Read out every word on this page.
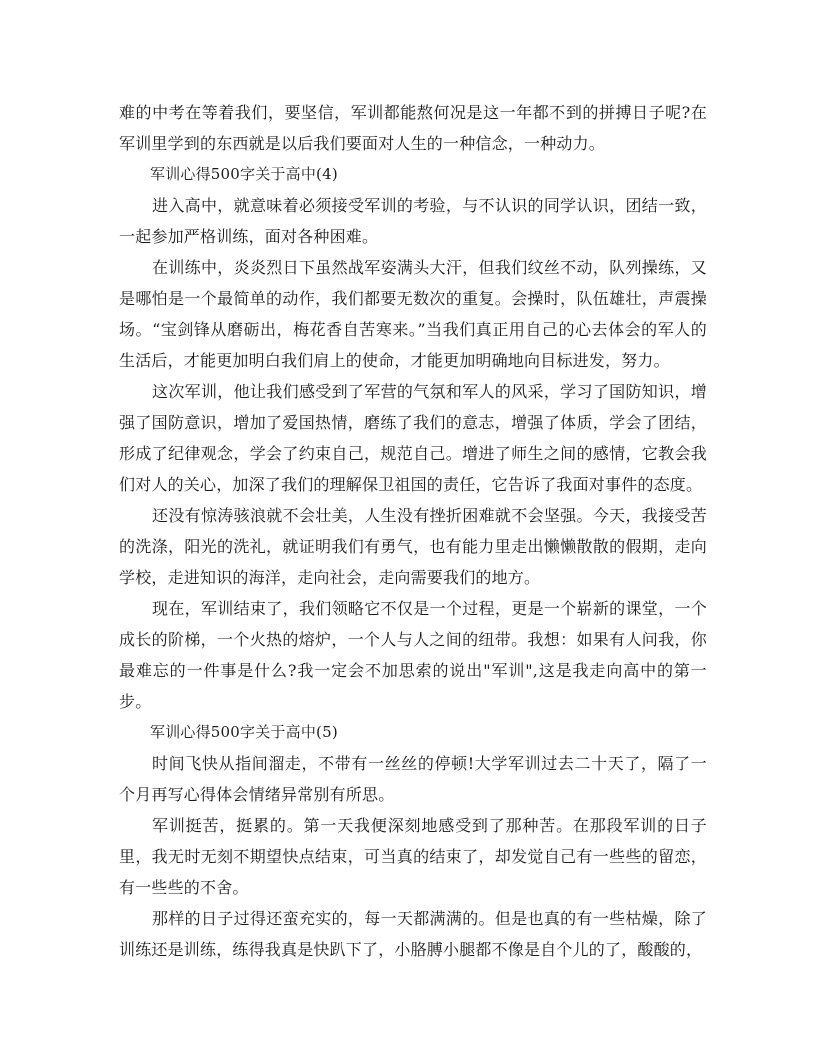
难的中考在等着我们，要坚信，军训都能熬何况是这一年都不到的拼搏日子呢?在军训里学到的东西就是以后我们要面对人生的一种信念，一种动力。

军训心得500字关于高中(4)

进入高中，就意味着必须接受军训的考验，与不认识的同学认识，团结一致，一起参加严格训练，面对各种困难。

在训练中，炎炎烈日下虽然战军姿满头大汗，但我们纹丝不动，队列操练，又是哪怕是一个最简单的动作，我们都要无数次的重复。会操时，队伍雄壮，声震操场。“宝剑锋从磨砺出，梅花香自苦寒来。”当我们真正用自己的心去体会的军人的生活后，才能更加明白我们肩上的使命，才能更加明确地向目标进发，努力。

这次军训，他让我们感受到了军营的气氛和军人的风采，学习了国防知识，增强了国防意识，增加了爱国热情，磨练了我们的意志，增强了体质，学会了团结，形成了纪律观念，学会了约束自己，规范自己。增进了师生之间的感情，它教会我们对人的关心，加深了我们的理解保卫祖国的责任，它告诉了我面对事件的态度。

还没有惊涛骇浪就不会壮美，人生没有挫折困难就不会坚强。今天，我接受苦的洗涤，阳光的洗礼，就证明我们有勇气，也有能力里走出懒懒散散的假期，走向学校，走进知识的海洋，走向社会，走向需要我们的地方。

现在，军训结束了，我们领略它不仅是一个过程，更是一个崭新的课堂，一个成长的阶梯，一个火热的熔炉，一个人与人之间的纽带。我想：如果有人问我，你最难忘的一件事是什么?我一定会不加思索的说出"军训",这是我走向高中的第一步。

军训心得500字关于高中(5)

时间飞快从指间溜走，不带有一丝丝的停顿!大学军训过去二十天了，隔了一个月再写心得体会情绪异常别有所思。

军训挺苦，挺累的。第一天我便深刻地感受到了那种苦。在那段军训的日子里，我无时无刻不期望快点结束，可当真的结束了，却发觉自己有一些些的留恋，有一些些的不舍。

那样的日子过得还蛮充实的，每一天都满满的。但是也真的有一些枯燥，除了训练还是训练，练得我真是快趴下了，小胳膊小腿都不像是自个儿的了，酸酸的，
